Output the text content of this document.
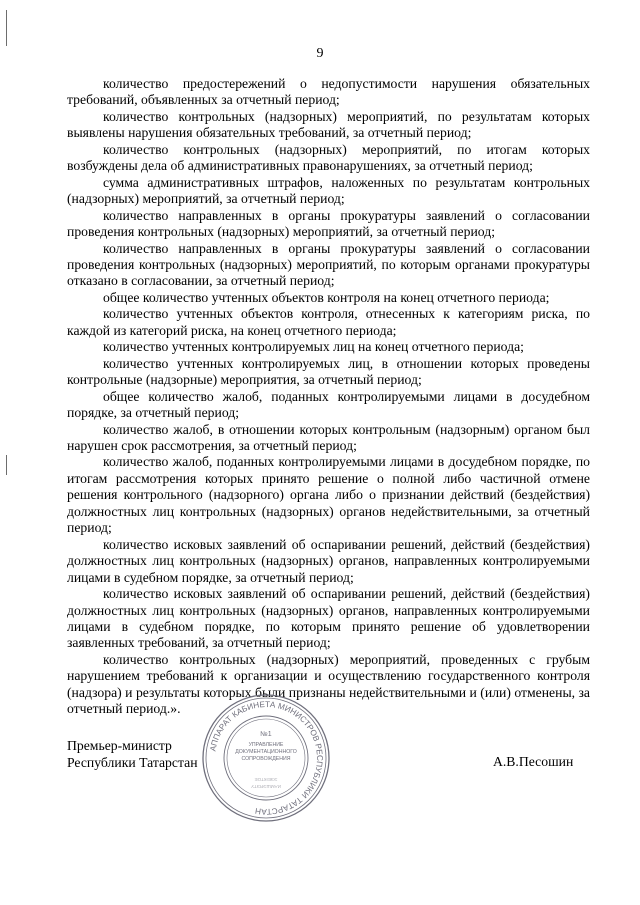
9

количество предостережений о недопустимости нарушения обязательных требований, объявленных за отчетный период;

количество контрольных (надзорных) мероприятий, по результатам которых выявлены нарушения обязательных требований, за отчетный период;

количество контрольных (надзорных) мероприятий, по итогам которых возбуждены дела об административных правонарушениях, за отчетный период;

сумма административных штрафов, наложенных по результатам контрольных (надзорных) мероприятий, за отчетный период;

количество направленных в органы прокуратуры заявлений о согласовании проведения контрольных (надзорных) мероприятий, за отчетный период;

количество направленных в органы прокуратуры заявлений о согласовании проведения контрольных (надзорных) мероприятий, по которым органами прокуратуры отказано в согласовании, за отчетный период;

общее количество учтенных объектов контроля на конец отчетного периода;

количество учтенных объектов контроля, отнесенных к категориям риска, по каждой из категорий риска, на конец отчетного периода;

количество учтенных контролируемых лиц на конец отчетного периода;

количество учтенных контролируемых лиц, в отношении которых проведены контрольные (надзорные) мероприятия, за отчетный период;

общее количество жалоб, поданных контролируемыми лицами в досудебном порядке, за отчетный период;

количество жалоб, в отношении которых контрольным (надзорным) органом был нарушен срок рассмотрения, за отчетный период;

количество жалоб, поданных контролируемыми лицами в досудебном порядке, по итогам рассмотрения которых принято решение о полной либо частичной отмене решения контрольного (надзорного) органа либо о признании действий (бездействия) должностных лиц контрольных (надзорных) органов недействительными, за отчетный период;

количество исковых заявлений об оспаривании решений, действий (бездействия) должностных лиц контрольных (надзорных) органов, направленных контролируемыми лицами в судебном порядке, за отчетный период;

количество исковых заявлений об оспаривании решений, действий (бездействия) должностных лиц контрольных (надзорных) органов, направленных контролируемыми лицами в судебном порядке, по которым принято решение об удовлетворении заявленных требований, за отчетный период;

количество контрольных (надзорных) мероприятий, проведенных с грубым нарушением требований к организации и осуществлению государственного контроля (надзора) и результаты которых были признаны недействительными и (или) отменены, за отчетный период.».

Премьер-министр
Республики Татарстан	А.В.Песошин
АППАРАТ КАБИНЕТА МИНИСТРОВ РЕСПУБЛИКИ ТАТАРСТАН
№1
УПРАВЛЕНИЕ
ДОКУМЕНТАЦИОННОГО
СОПРОВОЖДЕНИЯ
ЭЭЕІКТОЕ
ИАМШЭЯЭТУ
